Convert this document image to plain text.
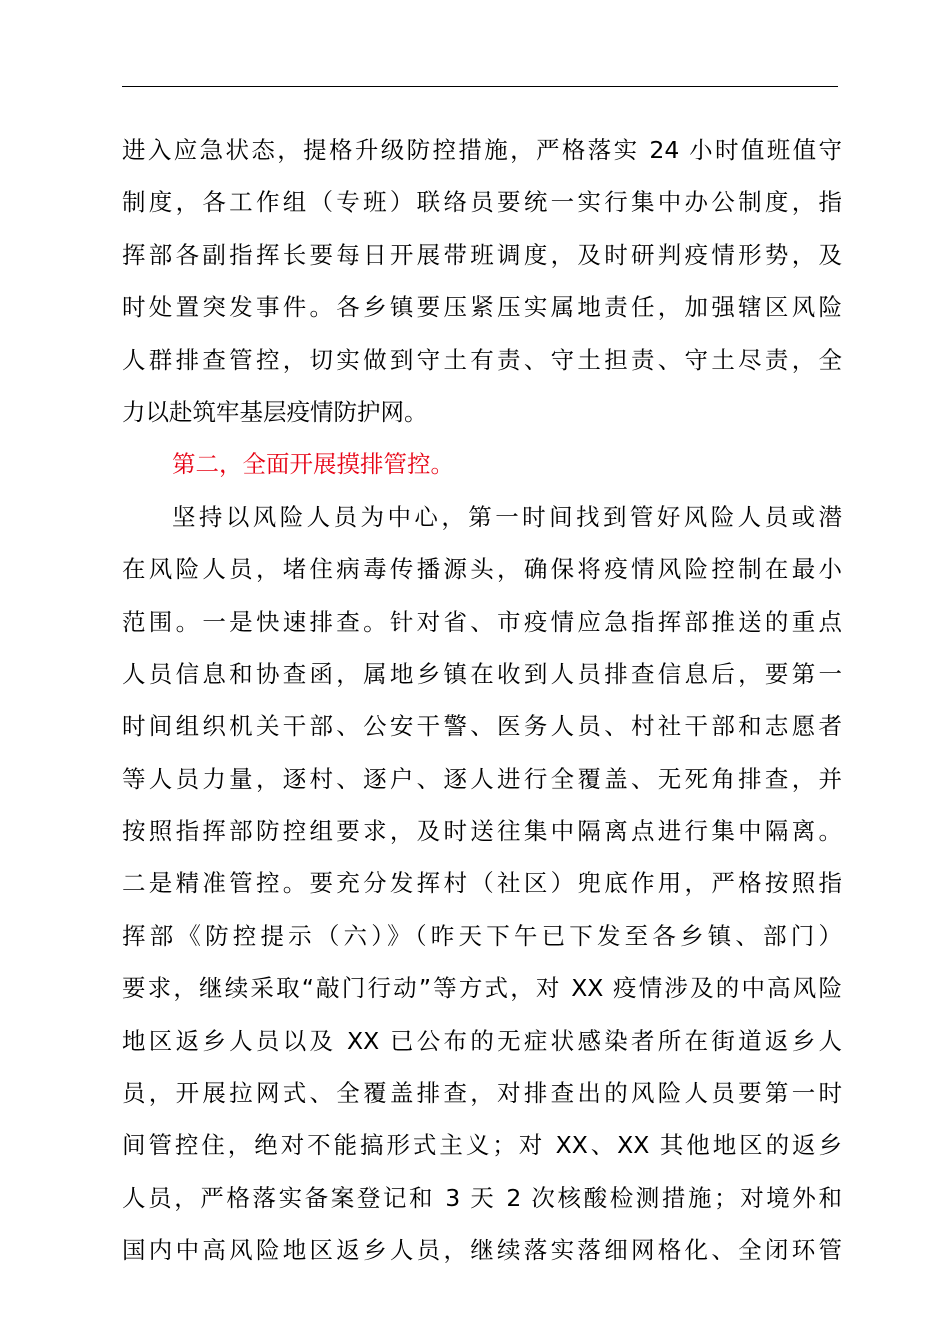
进入应急状态，提格升级防控措施，严格落实 24 小时值班值守
制度，各工作组（专班）联络员要统一实行集中办公制度，指
挥部各副指挥长要每日开展带班调度，及时研判疫情形势，及
时处置突发事件。各乡镇要压紧压实属地责任，加强辖区风险
人群排查管控，切实做到守土有责、守土担责、守土尽责，全
力以赴筑牢基层疫情防护网。
第二，全面开展摸排管控。
坚持以风险人员为中心，第一时间找到管好风险人员或潜
在风险人员，堵住病毒传播源头，确保将疫情风险控制在最小
范围。一是快速排查。针对省、市疫情应急指挥部推送的重点
人员信息和协查函，属地乡镇在收到人员排查信息后，要第一
时间组织机关干部、公安干警、医务人员、村社干部和志愿者
等人员力量，逐村、逐户、逐人进行全覆盖、无死角排查，并
按照指挥部防控组要求，及时送往集中隔离点进行集中隔离。
二是精准管控。要充分发挥村（社区）兜底作用，严格按照指
挥部《防控提示（六）》（昨天下午已下发至各乡镇、部门）
要求，继续采取“敲门行动”等方式，对 XX 疫情涉及的中高风险
地区返乡人员以及 XX 已公布的无症状感染者所在街道返乡人
员，开展拉网式、全覆盖排查，对排查出的风险人员要第一时
间管控住，绝对不能搞形式主义；对 XX、XX 其他地区的返乡
人员，严格落实备案登记和 3 天 2 次核酸检测措施；对境外和
国内中高风险地区返乡人员，继续落实落细网格化、全闭环管
